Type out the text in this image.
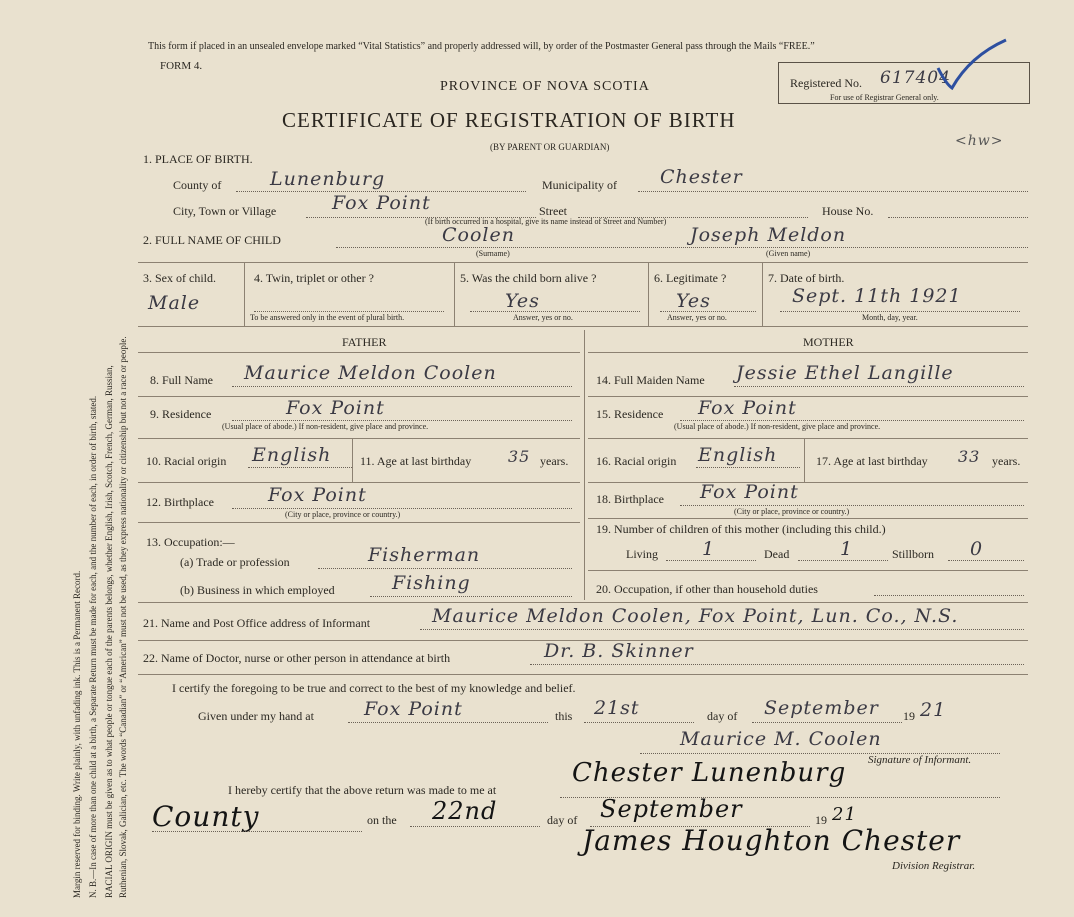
Margin reserved for binding. Write plainly, with unfading ink. This is a Permanent Record. N. B.—In case of more than one child at a birth, a Separate Return must be made for each, and the number of each, in order of birth, stated. RACIAL ORIGIN must be given as to what people or tongue each of the parents belongs, whether English, Irish, Scotch, French, German, Russian, Ruthenian, Slovak, Galician, etc. The words “Canadian” or “American” must not be used, as they express nationality or citizenship but not a race or people.
This form if placed in an unsealed envelope marked “Vital Statistics” and properly addressed will, by order of the Postmaster General pass through the Mails “FREE.”
FORM 4.
PROVINCE OF NOVA SCOTIA
CERTIFICATE OF REGISTRATION OF BIRTH
(BY PARENT OR GUARDIAN)
Registered No. 617404
For use of Registrar General only.
<hw>
1. PLACE OF BIRTH.
County of	Lunenburg	Municipality of Chester
City, Town or Village	Fox Point	Street	House No.
(If birth occurred in a hospital, give its name instead of Street and Number)
2. FULL NAME OF CHILD	Coolen
(Surname)
Joseph Meldon
(Given name)
3. Sex of child.
Male
4. Twin, triplet or other ?
To be answered only in the event of plural birth.
5. Was the child born alive ?
Yes
Answer, yes or no.
6. Legitimate ?
Yes
Answer, yes or no.
7. Date of birth.
Sept. 11th 1921
Month, day, year.
FATHER	MOTHER
8. Full Name Maurice Meldon Coolen
9. Residence	Fox Point
(Usual place of abode.) If non-resident, give place and province.
10. Racial origin English 11. Age at last birthday 35 years.
12. Birthplace	Fox Point
(City or place, province or country.)
13. Occupation:—
(a) Trade or profession	Fisherman
(b) Business in which employed	Fishing
14. Full Maiden Name Jessie Ethel Langille
15. Residence Fox Point
(Usual place of abode.) If non-resident, give place and province.
16. Racial origin English	17. Age at last birthday 33 years.
18. Birthplace Fox Point
(City or place, province or country.)
19. Number of children of this mother (including this child.)
Living 1	Dead	1	Stillborn 0
20. Occupation, if other than household duties
21. Name and Post Office address of Informant	Maurice Meldon Coolen, Fox Point, Lun. Co., N.S.
22. Name of Doctor, nurse or other person in attendance at birth	Dr. B. Skinner
I certify the foregoing to be true and correct to the best of my knowledge and belief.
Given under my hand at	Fox Point	this 21st	day of September 19 21
Maurice M. Coolen
Signature of Informant.
I hereby certify that the above return was made to me at
Chester Lunenburg
County	on the 22nd	day of September	19 21
James Houghton Chester
Division Registrar.
